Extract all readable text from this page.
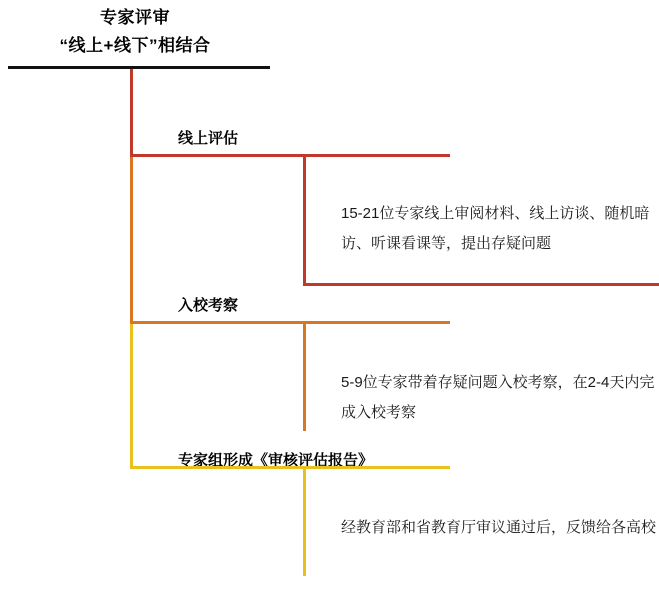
专家评审
“线上+线下”相结合
线上评估
15-21位专家线上审阅材料、线上访谈、随机暗访、听课看课等，提出存疑问题
入校考察
5-9位专家带着存疑问题入校考察，在2-4天内完成入校考察
专家组形成《审核评估报告》
经教育部和省教育厅审议通过后，反馈给各高校
